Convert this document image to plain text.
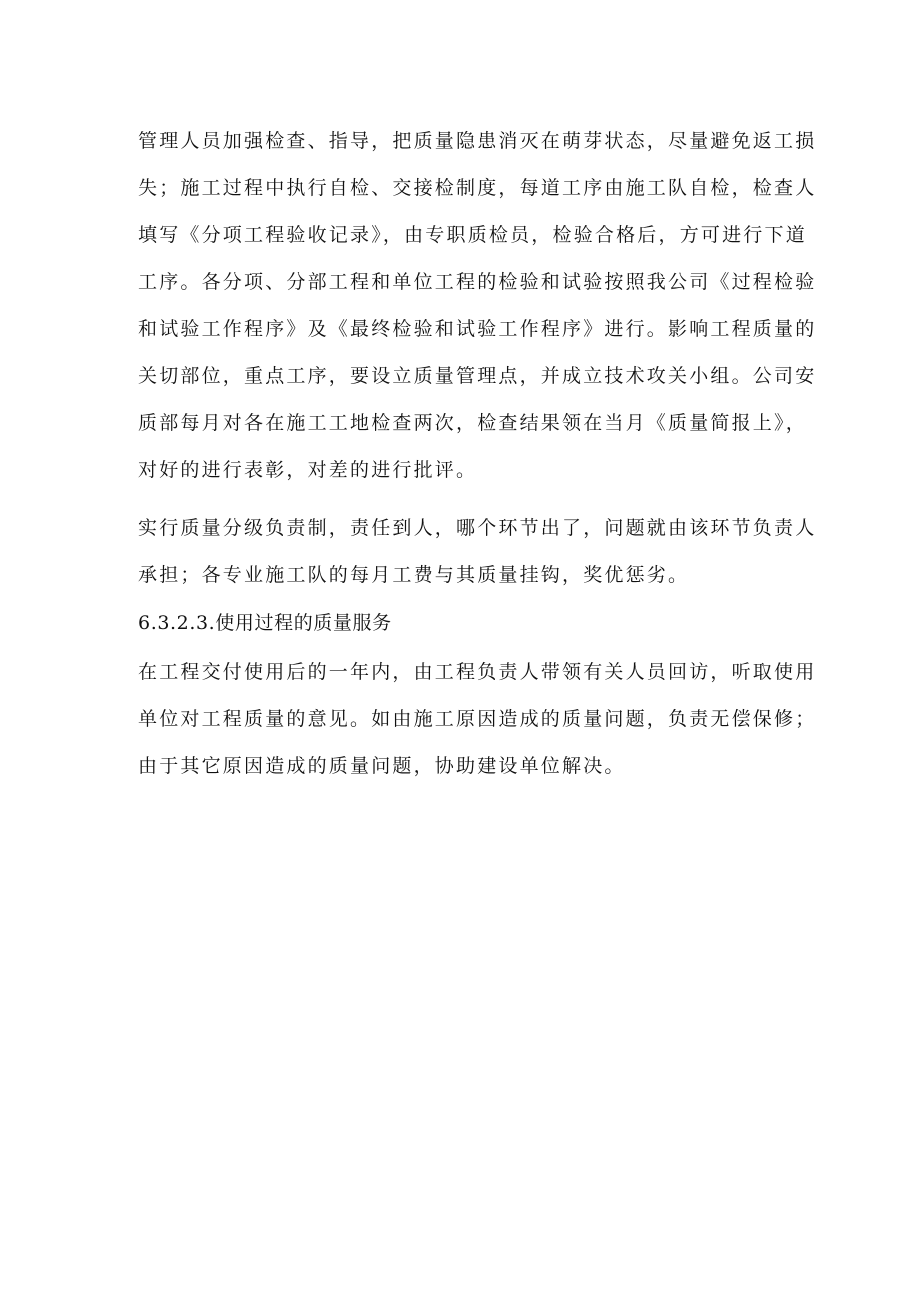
管理人员加强检查、指导，把质量隐患消灭在萌芽状态，尽量避免返工损
失；施工过程中执行自检、交接检制度，每道工序由施工队自检，检查人
填写《分项工程验收记录》，由专职质检员，检验合格后，方可进行下道
工序。各分项、分部工程和单位工程的检验和试验按照我公司《过程检验
和试验工作程序》及《最终检验和试验工作程序》进行。影响工程质量的
关切部位，重点工序，要设立质量管理点，并成立技术攻关小组。公司安
质部每月对各在施工工地检查两次，检查结果领在当月《质量简报上》，
对好的进行表彰，对差的进行批评。
实行质量分级负责制，责任到人，哪个环节出了，问题就由该环节负责人
承担；各专业施工队的每月工费与其质量挂钩，奖优惩劣。
6.3.2.3.使用过程的质量服务
在工程交付使用后的一年内，由工程负责人带领有关人员回访，听取使用
单位对工程质量的意见。如由施工原因造成的质量问题，负责无偿保修；
由于其它原因造成的质量问题，协助建设单位解决。
